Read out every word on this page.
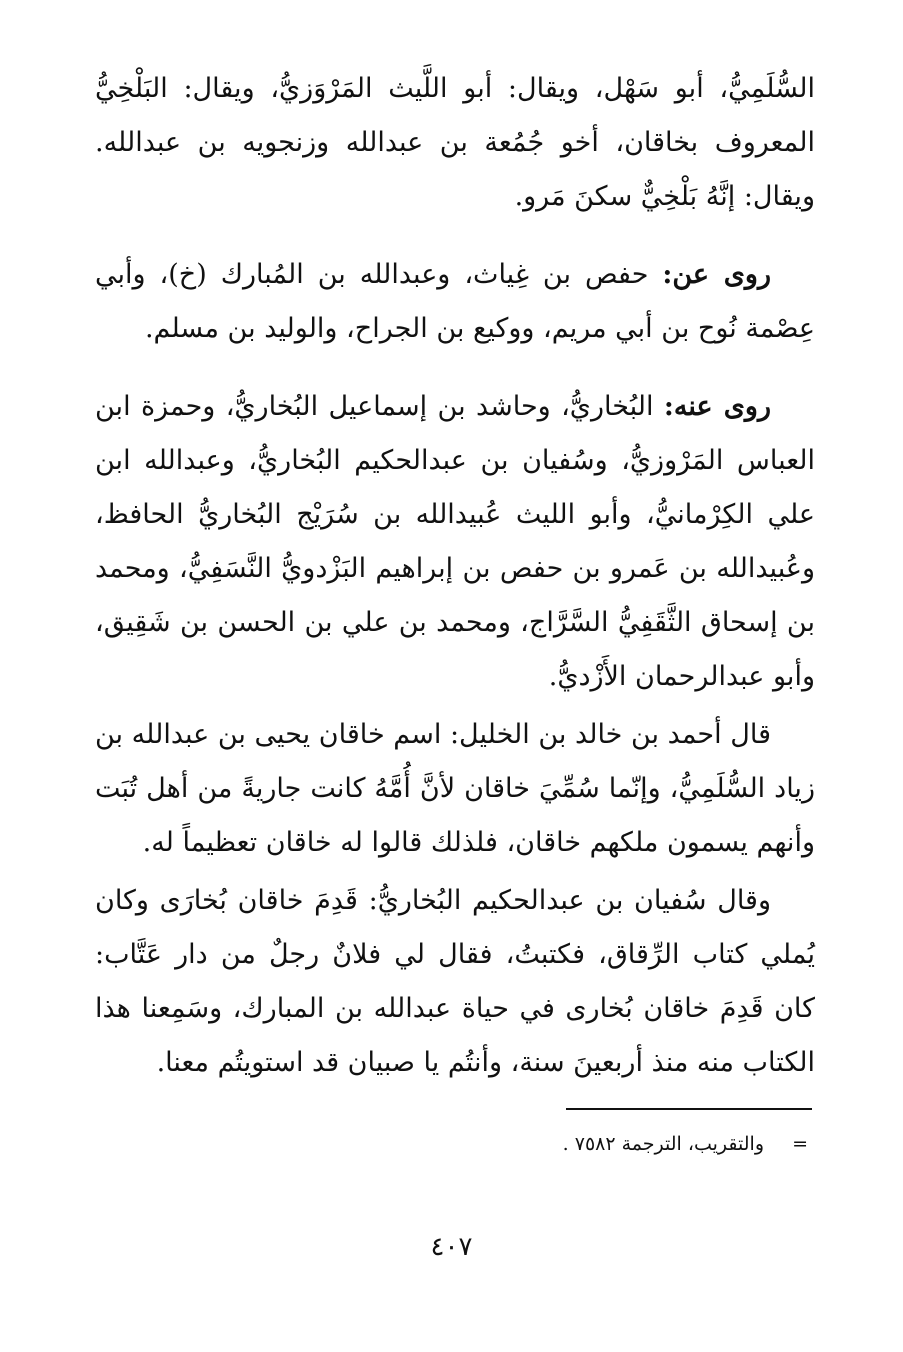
السُّلَمِيُّ، أبو سَهْل، ويقال: أبو اللَّيث المَرْوَزيُّ، ويقال: البَلْخِيُّ المعروف بخاقان، أخو جُمُعة بن عبدالله وزنجويه بن عبدالله. ويقال: إنَّهُ بَلْخِيٌّ سكنَ مَرو.

روى عن: حفص بن غِياث، وعبدالله بن المُبارك (خ)، وأبي عِصْمة نُوح بن أبي مريم، ووكيع بن الجراح، والوليد بن مسلم.

روى عنه: البُخاريُّ، وحاشد بن إسماعيل البُخاريُّ، وحمزة ابن العباس المَرْوزيُّ، وسُفيان بن عبدالحكيم البُخاريُّ، وعبدالله ابن علي الكِرْمانيُّ، وأبو الليث عُبيدالله بن سُرَيْج البُخاريُّ الحافظ، وعُبيدالله بن عَمرو بن حفص بن إبراهيم البَزْدويُّ النَّسَفِيُّ، ومحمد بن إسحاق الثَّقَفِيُّ السَّرَّاج، ومحمد بن علي بن الحسن بن شَقِيق، وأبو عبدالرحمان الأَزْديُّ.

قال أحمد بن خالد بن الخليل: اسم خاقان يحيى بن عبدالله بن زياد السُّلَمِيُّ، وإنّما سُمِّيَ خاقان لأنَّ أُمَّهُ كانت جاريةً من أهل تُبَت وأنهم يسمون ملكهم خاقان، فلذلك قالوا له خاقان تعظيماً له.

وقال سُفيان بن عبدالحكيم البُخاريُّ: قَدِمَ خاقان بُخارَى وكان يُملي كتاب الرِّقاق، فكتبتُ، فقال لي فلانٌ رجلٌ من دار عَتَّاب: كان قَدِمَ خاقان بُخارى في حياة عبدالله بن المبارك، وسَمِعنا هذا الكتاب منه منذ أربعينَ سنة، وأنتُم يا صبيان قد استويتُم معنا.

=والتقريب، الترجمة ٧٥٨٢ .
٤٠٧
